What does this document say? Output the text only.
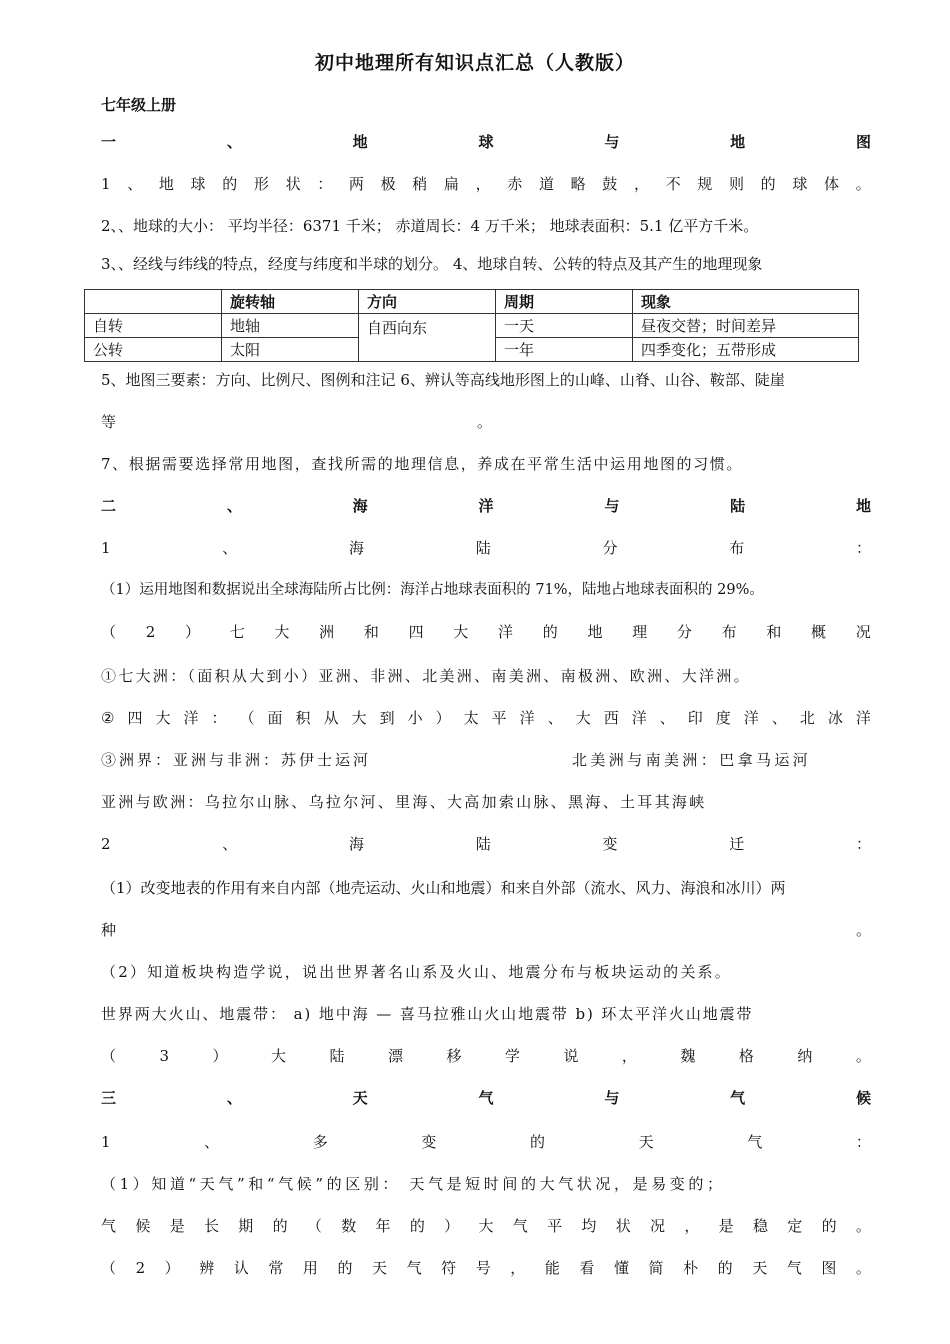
初中地理所有知识点汇总（人教版）
七年级上册
一	、	地	球	与	地	图
1 、 地 球 的 形 状 ： 两 极 稍 扁 ， 赤 道 略 鼓 ， 不 规 则 的 球 体 。
2、、地球的大小： 平均半径：6371 千米； 赤道周长：4 万千米； 地球表面积：5.1 亿平方千米。
3、、经线与纬线的特点，经度与纬度和半球的划分。 4、地球自转、公转的特点及其产生的地理现象
	旋转轴	方向	周期	现象
自转	地轴	自西向东	一天	昼夜交替；时间差异
公转	太阳		一年	四季变化；五带形成
5、地图三要素：方向、比例尺、图例和注记 6、辨认等高线地形图上的山峰、山脊、山谷、鞍部、陡崖
等	。
7、根据需要选择常用地图，查找所需的地理信息，养成在平常生活中运用地图的习惯。
二	、	海	洋	与	陆	地
1	、	海	陆	分	布	：
（1）运用地图和数据说出全球海陆所占比例：海洋占地球表面积的 71%，陆地占地球表面积的 29%。
（ 2 ） 七 大 洲 和 四 大 洋 的 地 理 分 布 和 概 况
①七大洲：（面积从大到小）亚洲、非洲、北美洲、南美洲、南极洲、欧洲、大洋洲。
② 四 大 洋 ： （ 面 积 从 大 到 小 ） 太 平 洋 、 大 西 洋 、 印 度 洋 、 北 冰 洋
③洲界：亚洲与非洲：苏伊士运河	北美洲与南美洲：巴拿马运河
亚洲与欧洲：乌拉尔山脉、乌拉尔河、里海、大高加索山脉、黑海、土耳其海峡
2	、	海	陆	变	迁	：
（1）改变地表的作用有来自内部（地壳运动、火山和地震）和来自外部（流水、风力、海浪和冰川）两
种	。
（2）知道板块构造学说，说出世界著名山系及火山、地震分布与板块运动的关系。
世界两大火山、地震带： a) 地中海 — 喜马拉雅山火山地震带 b) 环太平洋火山地震带
（	3	）	大	陆	漂	移	学	说	，	魏	格	纳	。
三	、	天	气	与	气	候
1	、	多	变	的	天	气	：
（1）知道“天气”和“气候”的区别： 天气是短时间的大气状况，是易变的；
气 候 是 长 期 的 （ 数 年 的 ） 大 气 平 均 状 况 ， 是 稳 定 的 。
（ 2 ） 辨 认 常 用 的 天 气 符 号 ， 能 看 懂 简 朴 的 天 气 图 。
